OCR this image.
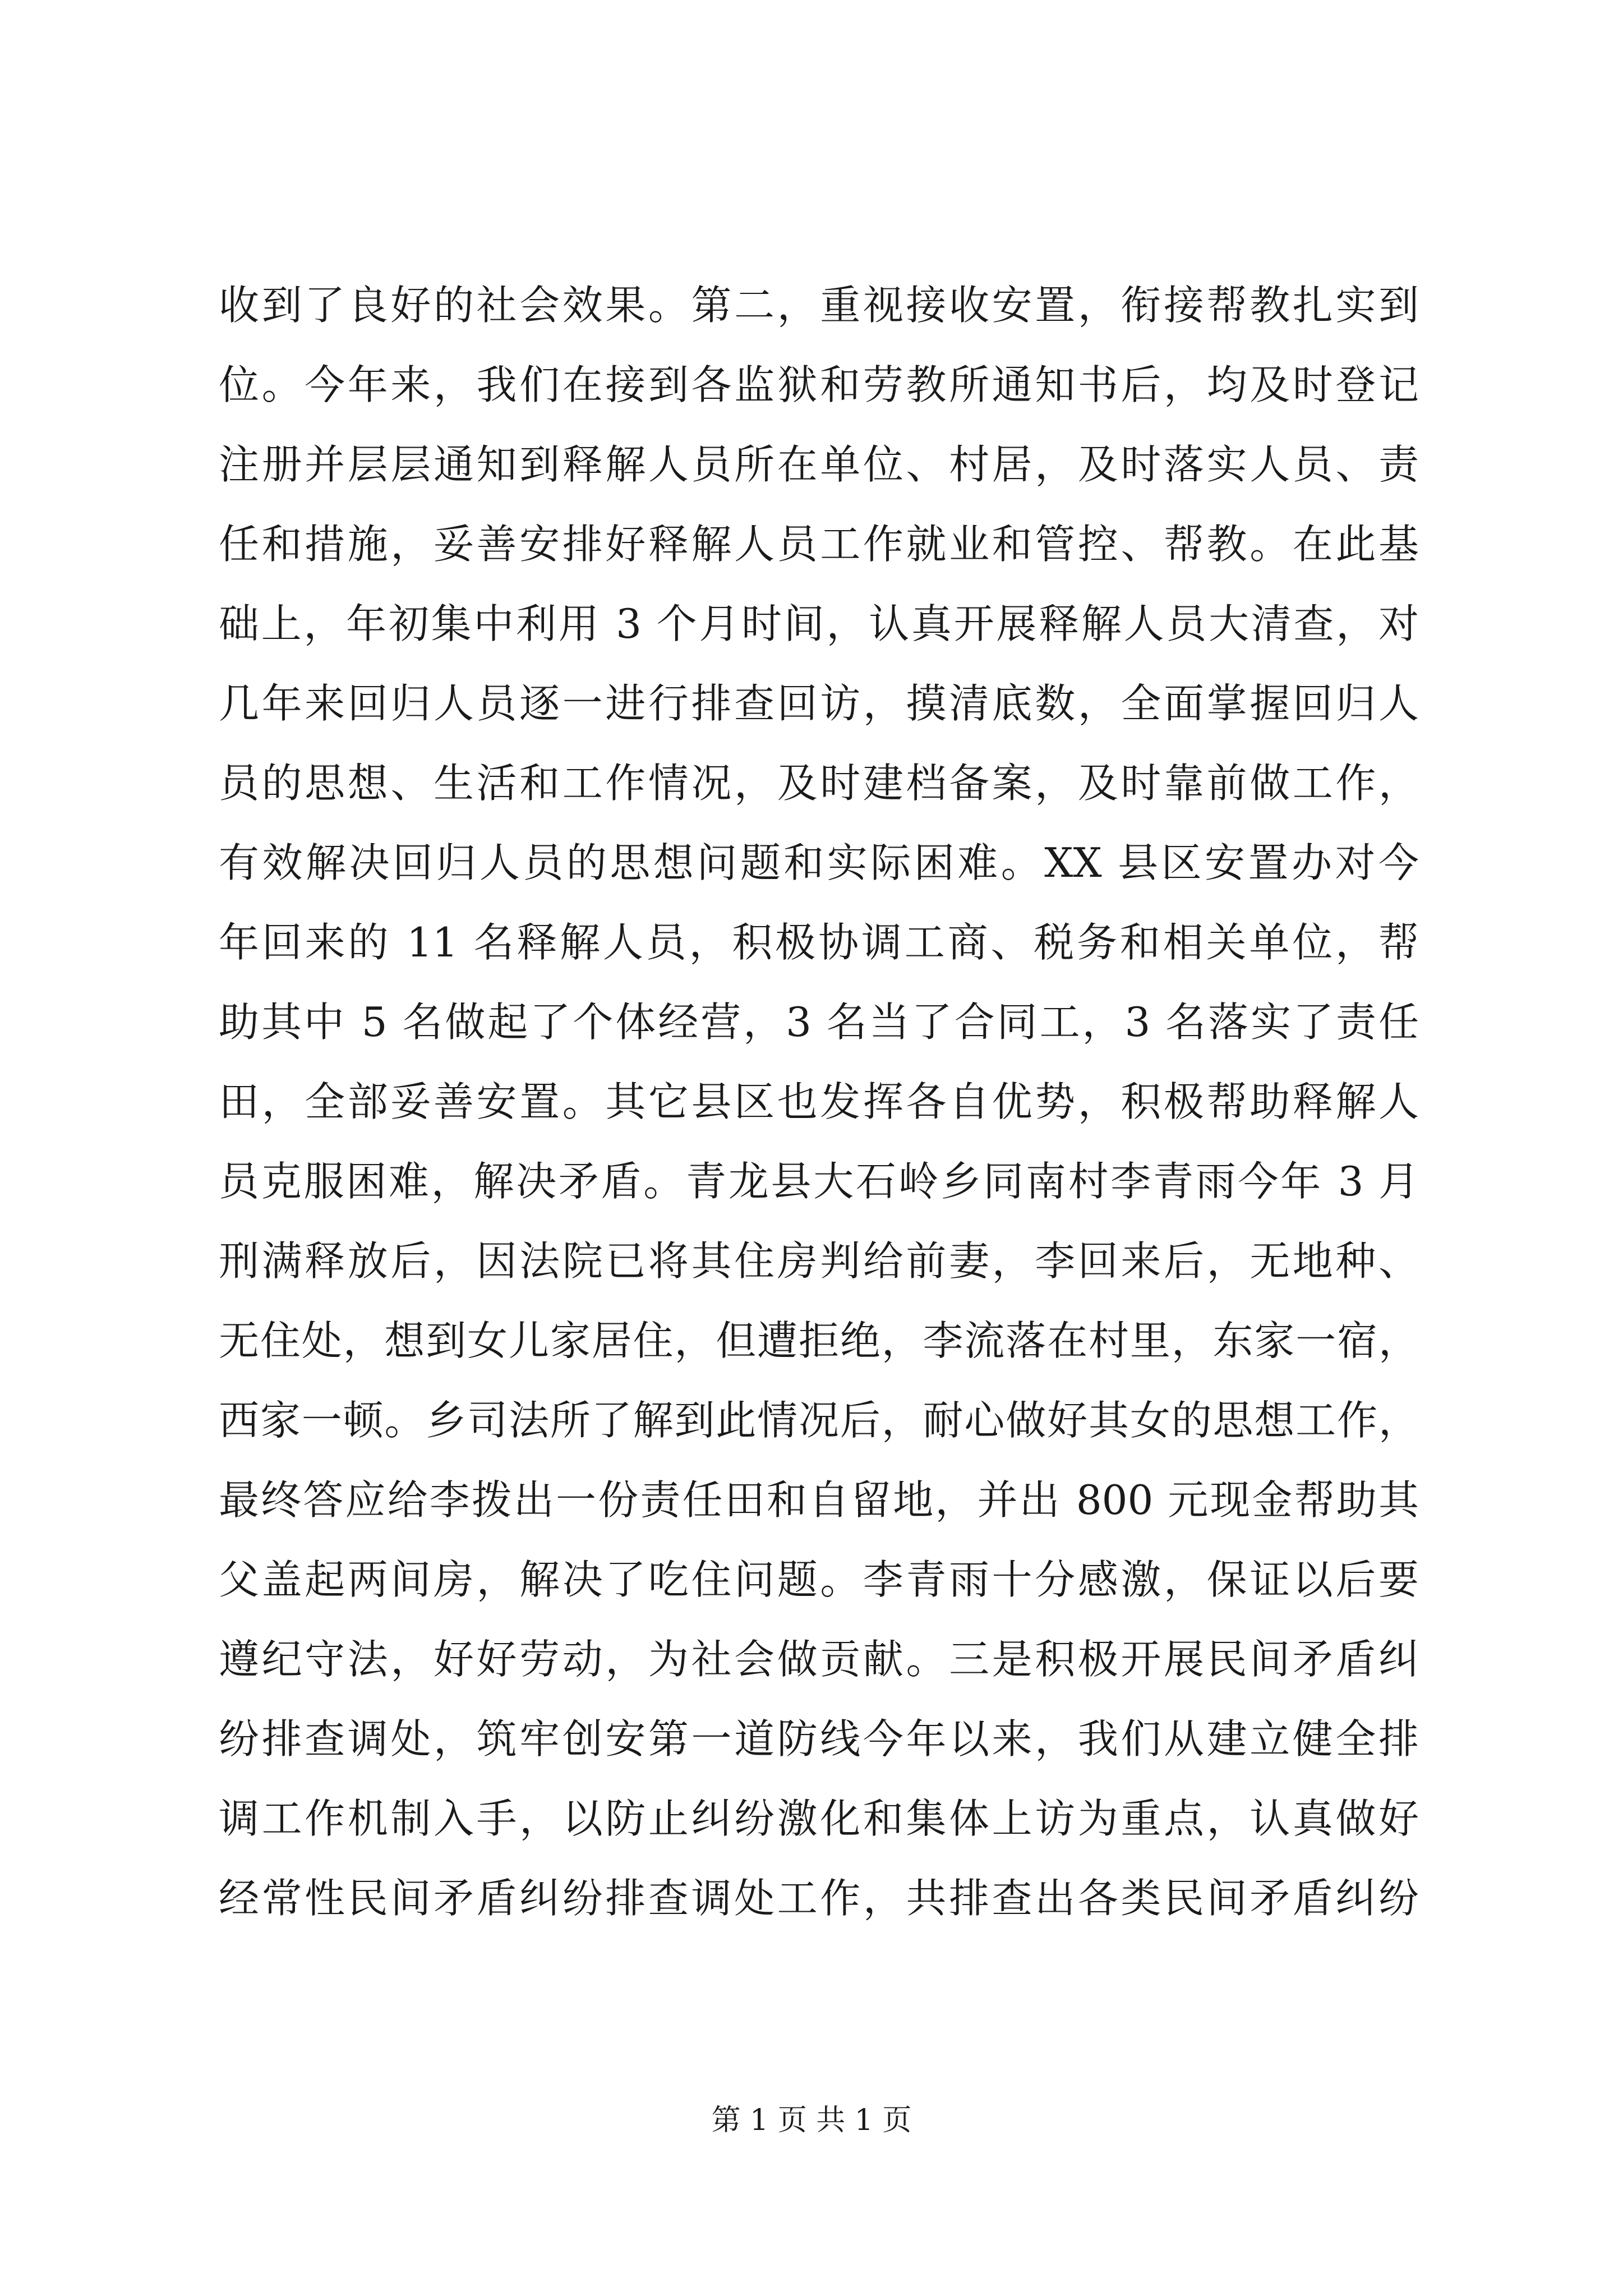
收到了良好的社会效果。第二，重视接收安置，衔接帮教扎实到
位。今年来，我们在接到各监狱和劳教所通知书后，均及时登记
注册并层层通知到释解人员所在单位、村居，及时落实人员、责
任和措施，妥善安排好释解人员工作就业和管控、帮教。在此基
础上，年初集中利用 3 个月时间，认真开展释解人员大清查，对
几年来回归人员逐一进行排查回访，摸清底数，全面掌握回归人
员的思想、生活和工作情况，及时建档备案，及时靠前做工作，
有效解决回归人员的思想问题和实际困难。XX 县区安置办对今
年回来的 11 名释解人员，积极协调工商、税务和相关单位，帮
助其中 5 名做起了个体经营，3 名当了合同工，3 名落实了责任
田，全部妥善安置。其它县区也发挥各自优势，积极帮助释解人
员克服困难，解决矛盾。青龙县大石岭乡同南村李青雨今年 3 月
刑满释放后，因法院已将其住房判给前妻，李回来后，无地种、
无住处，想到女儿家居住，但遭拒绝，李流落在村里，东家一宿，
西家一顿。乡司法所了解到此情况后，耐心做好其女的思想工作，
最终答应给李拨出一份责任田和自留地，并出 800 元现金帮助其
父盖起两间房，解决了吃住问题。李青雨十分感激，保证以后要
遵纪守法，好好劳动，为社会做贡献。三是积极开展民间矛盾纠
纷排查调处，筑牢创安第一道防线今年以来，我们从建立健全排
调工作机制入手，以防止纠纷激化和集体上访为重点，认真做好
经常性民间矛盾纠纷排查调处工作，共排查出各类民间矛盾纠纷
第 1 页 共 1 页
